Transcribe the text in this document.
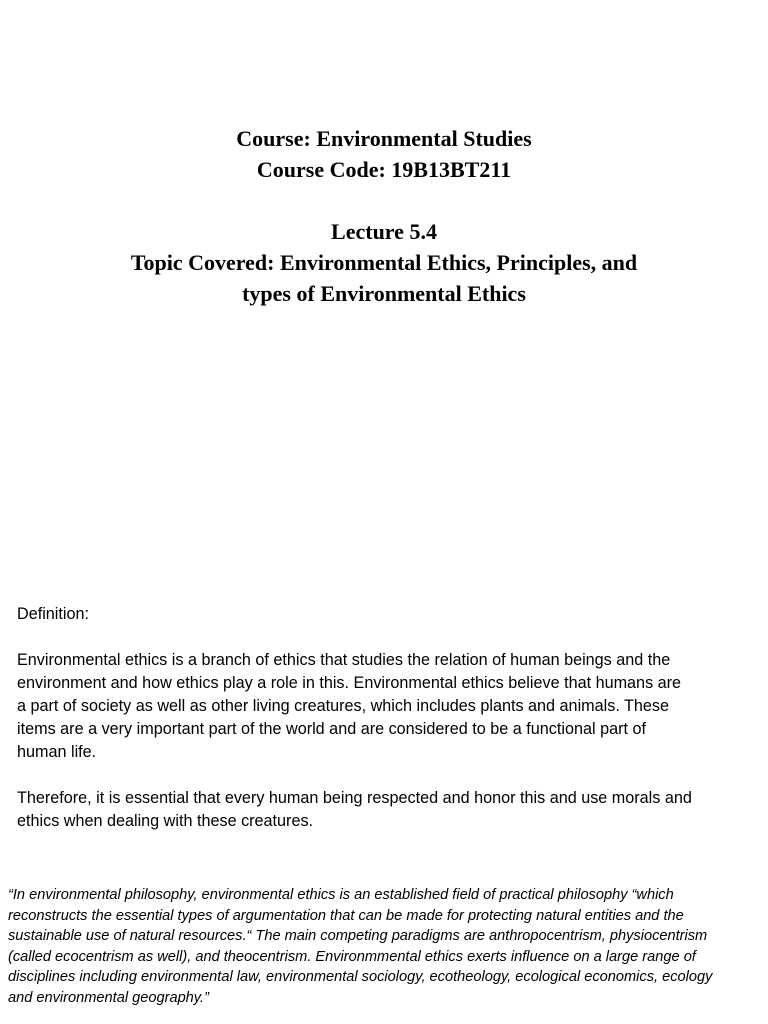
Course: Environmental Studies
Course Code: 19B13BT211
Lecture 5.4
Topic Covered: Environmental Ethics, Principles, and
types of Environmental Ethics
Definition:
Environmental ethics is a branch of ethics that studies the relation of human beings and the
environment and how ethics play a role in this. Environmental ethics believe that humans are
a part of society as well as other living creatures, which includes plants and animals. These
items are a very important part of the world and are considered to be a functional part of
human life.
Therefore, it is essential that every human being respected and honor this and use morals and
ethics when dealing with these creatures.
“In environmental philosophy, environmental ethics is an established field of practical philosophy “which
reconstructs the essential types of argumentation that can be made for protecting natural entities and the
sustainable use of natural resources.“ The main competing paradigms are anthropocentrism, physiocentrism
(called ecocentrism as well), and theocentrism. Environmmental ethics exerts influence on a large range of
disciplines including environmental law, environmental sociology, ecotheology, ecological economics, ecology
and environmental geography.”
